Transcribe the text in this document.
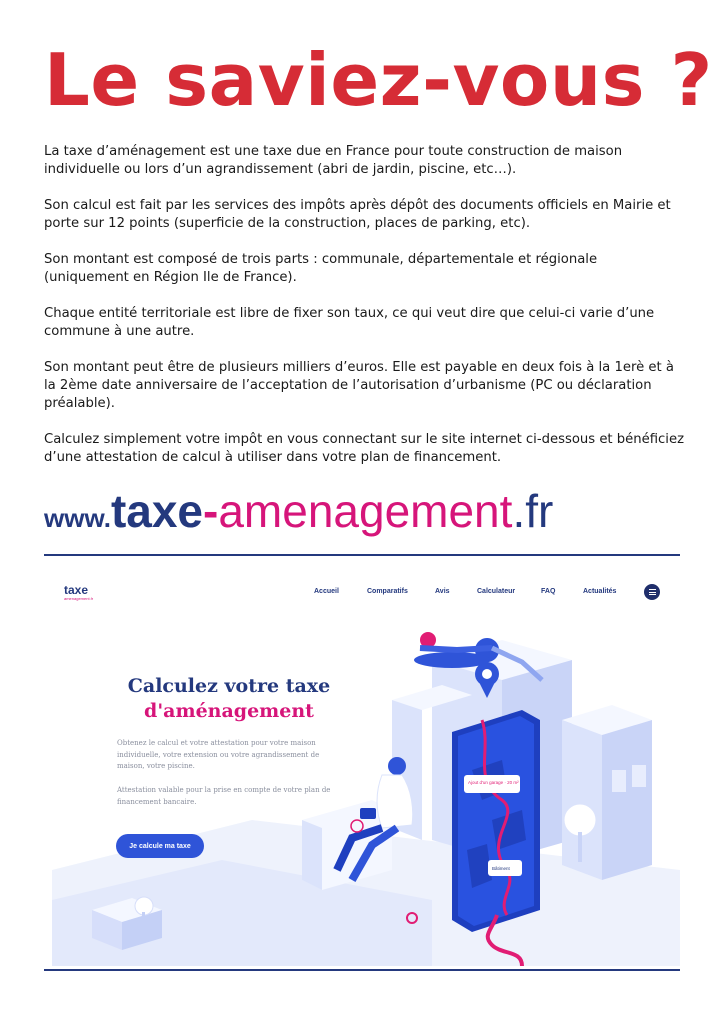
Le saviez-vous ?

La taxe d’aménagement est une taxe due en France pour toute construction de maison individuelle ou lors d’un agrandissement (abri de jardin, piscine, etc…).

Son calcul est fait par les services des impôts après dépôt des documents officiels en Mairie et porte sur 12 points (superficie de la construction, places de parking, etc).

Son montant est composé de trois parts : communale, départementale et régionale (uniquement en Région Ile de France).

Chaque entité territoriale est libre de fixer son taux, ce qui veut dire que celui-ci varie d’une commune à une autre.

Son montant peut être de plusieurs milliers d’euros. Elle est payable en deux fois à la 1erè et à la 2ème date anniversaire de l’acceptation de l’autorisation d’urbanisme (PC ou déclaration préalable).

Calculez simplement votre impôt en vous connectant sur le site internet ci-dessous et bénéficiez d’une attestation de calcul à utiliser dans votre plan de financement.

www.taxe-amenagement.fr
Ajout d'un garage · 20 m²
Bâtiment
taxe
amenagement.fr
Accueil	Comparatifs	Avis	Calculateur	FAQ	Actualités
Calculez votre taxe
d'aménagement

Obtenez le calcul et votre attestation pour votre maison individuelle, votre extension ou votre agrandissement de maison, votre piscine.

Attestation valable pour la prise en compte de votre plan de financement bancaire.

Je calcule ma taxe
